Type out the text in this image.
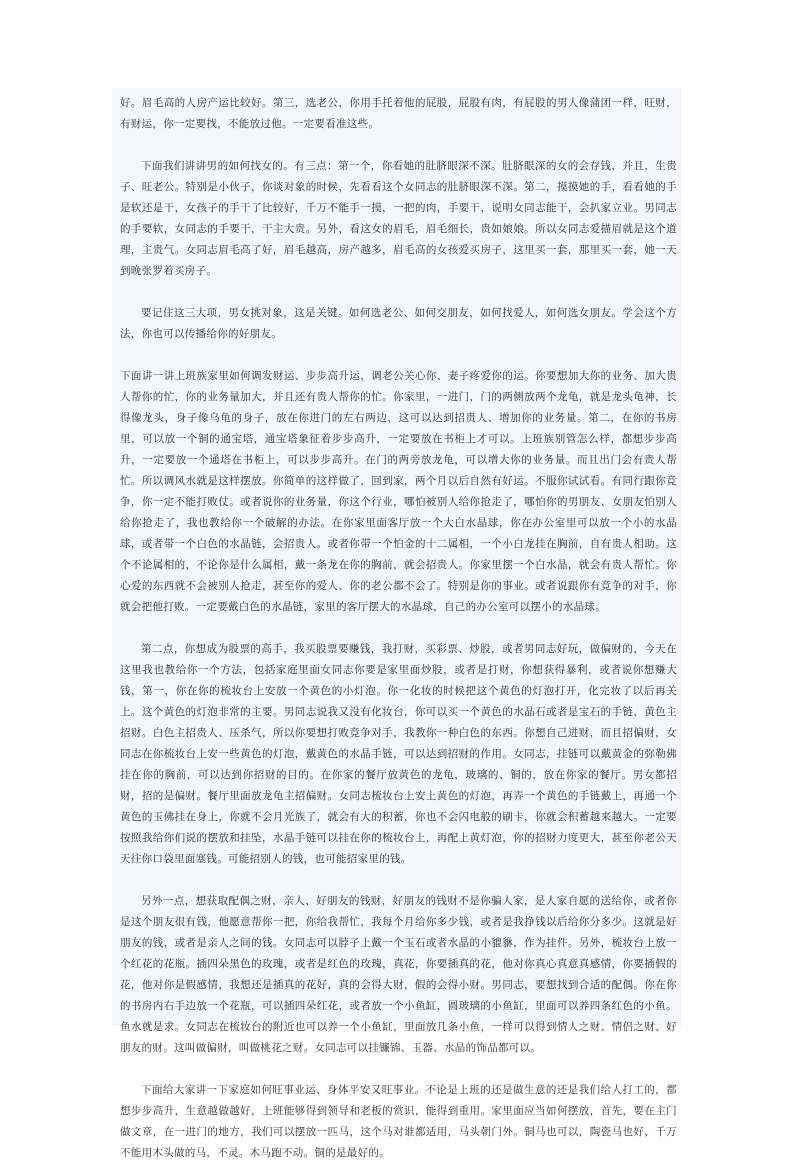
好。眉毛高的人房产运比较好。第三，选老公，你用手托着他的屁股，屁股有肉，有屁股的男人像蒲团一样，旺财，有财运，你一定要找，不能放过他。一定要看准这些。

下面我们讲讲男的如何找女的。有三点：第一个，你看她的肚脐眼深不深。肚脐眼深的女的会存钱，并且，生贵子、旺老公。特别是小伙子，你谈对象的时候，先看看这个女同志的肚脐眼深不深。第二，摸摸她的手，看看她的手是软还是干，女孩子的手干了比较好，千万不能手一摸，一把的肉，手要干，说明女同志能干，会扒家立业。男同志的手要软，女同志的手要干，干主大贵。另外，看这女的眉毛，眉毛细长，贵如娘娘。所以女同志爱描眉就是这个道理，主贵气。女同志眉毛高了好，眉毛越高，房产越多，眉毛高的女孩爱买房子，这里买一套，那里买一套，她一天到晚张罗着买房子。

要记住这三大项，男女挑对象，这是关键。如何选老公、如何交朋友，如何找爱人，如何选女朋友。学会这个方法，你也可以传播给你的好朋友。

下面讲一讲上班族家里如何调发财运、步步高升运，调老公关心你、妻子疼爱你的运。你要想加大你的业务、加大贵人帮你的忙，你的业务量加大，并且还有贵人帮你的忙。你家里，一进门，门的两侧放两个龙龟，就是龙头龟神，长得像龙头，身子像乌龟的身子，放在你进门的左右两边，这可以达到招贵人、增加你的业务量。第二，在你的书房里，可以放一个铜的通宝塔，通宝塔象征着步步高升，一定要放在书柜上才可以。上班族别管怎么样，都想步步高升，一定要放一个通塔在书柜上，可以步步高升。在门的两旁放龙龟，可以增大你的业务量。而且出门会有贵人帮忙。所以调风水就是这样摆放。你简单的这样做了，回到家，两个月以后自然有好运。不服你试试看。有同行跟你竞争，你一定不能打败仗。或者说你的业务量，你这个行业，哪怕被别人给你抢走了，哪怕你的男朋友、女朋友怕别人给你抢走了，我也教给你一个破解的办法。在你家里面客厅放一个大白水晶球，你在办公室里可以放一个小的水晶球，或者带一个白色的水晶链，会招贵人。或者你带一个怕金的十二属相，一个小白龙挂在胸前，自有贵人相助。这个不论属相的，不论你是什么属相，戴一条龙在你的胸前，就会招贵人。你家里摆一个白水晶，就会有贵人帮忙。你心爱的东西就不会被别人抢走，甚至你的爱人、你的老公都不会了。特别是你的事业。或者说跟你有竞争的对手，你就会把他打败。一定要戴白色的水晶链，家里的客厅摆大的水晶球，自己的办公室可以摆小的水晶球。

第二点，你想成为股票的高手，我买股票要赚钱，我打财，买彩票、炒股，或者男同志好玩，做偏财的，今天在这里我也教给你一个方法，包括家庭里面女同志你要是家里面炒股，或者是打财，你想获得暴利，或者说你想赚大钱，第一，你在你的梳妆台上安放一个黄色的小灯泡。你一化妆的时候把这个黄色的灯泡打开，化完妆了以后再关上。这个黄色的灯泡非常的主要。男同志说我又没有化妆台，你可以买一个黄色的水晶石或者是宝石的手链，黄色主招财。白色主招贵人、压杀气，所以你要想打败竞争对手，我教你一种白色的东西。你想自己进财，而且招偏财，女同志在你梳妆台上安一些黄色的灯泡，戴黄色的水晶手链，可以达到招财的作用。女同志，挂链可以戴黄金的弥勒佛挂在你的胸前，可以达到你招财的目的。在你家的餐厅放黄色的龙龟，玻璃的、铜的，放在你家的餐厅。男女都招财，招的是偏财。餐厅里面放龙龟主招偏财。女同志梳妆台上安上黄色的灯泡，再弄一个黄色的手链戴上，再通一个黄色的玉佛挂在身上，你就不会月光族了，就会有大的积蓄，你也不会闪电般的刷卡，你就会积蓄越来越大。一定要按照我给你们说的摆放和挂坠，水晶手链可以挂在你的梳妆台上，再配上黄灯泡，你的招财力度更大，甚至你老公天天往你口袋里面塞钱。可能招别人的钱，也可能招家里的钱。

另外一点，想获取配偶之财，亲人、好朋友的钱财，好朋友的钱财不是你骗人家，是人家自愿的送给你，或者你是这个朋友很有钱，他愿意帮你一把，你给我帮忙，我每个月给你多少钱，或者是我挣钱以后给你分多少。这就是好朋友的钱，或者是亲人之间的钱。女同志可以脖子上戴一个玉石或者水晶的小貔貅，作为挂件。另外，梳妆台上放一个红花的花瓶。插四朵黑色的玫瑰，或者是红色的玫瑰，真花，你要插真的花，他对你真心真意真感情，你要插假的花，他对你是假感情，我想还是插真的花好，真的会得大财，假的会得小财。男同志，要想找到合适的配偶。你在你的书房内右手边放一个花瓶，可以插四朵红花，或者放一个小鱼缸，圆玻璃的小鱼缸，里面可以养四条红色的小鱼。鱼水就是求。女同志在梳妆台的附近也可以养一个小鱼缸，里面放几条小鱼，一样可以得到情人之财、情侣之财、好朋友的财。这叫做偏财，叫做桃花之财。女同志可以挂镰锦、玉器、水晶的饰品都可以。

下面给大家讲一下家庭如何旺事业运、身体平安又旺事业。不论是上班的还是做生意的还是我们给人打工的，都想步步高升，生意越做越好，上班能够得到领导和老板的赏识，能得到重用。家里面应当如何摆放，首先，要在主门做文章，在一进门的地方，我们可以摆放一匹马，这个马对谁都适用，马头朝门外。铜马也可以，陶瓷马也好，千万不能用木头做的马，不灵。木马跑不动。铜的是最好的。
